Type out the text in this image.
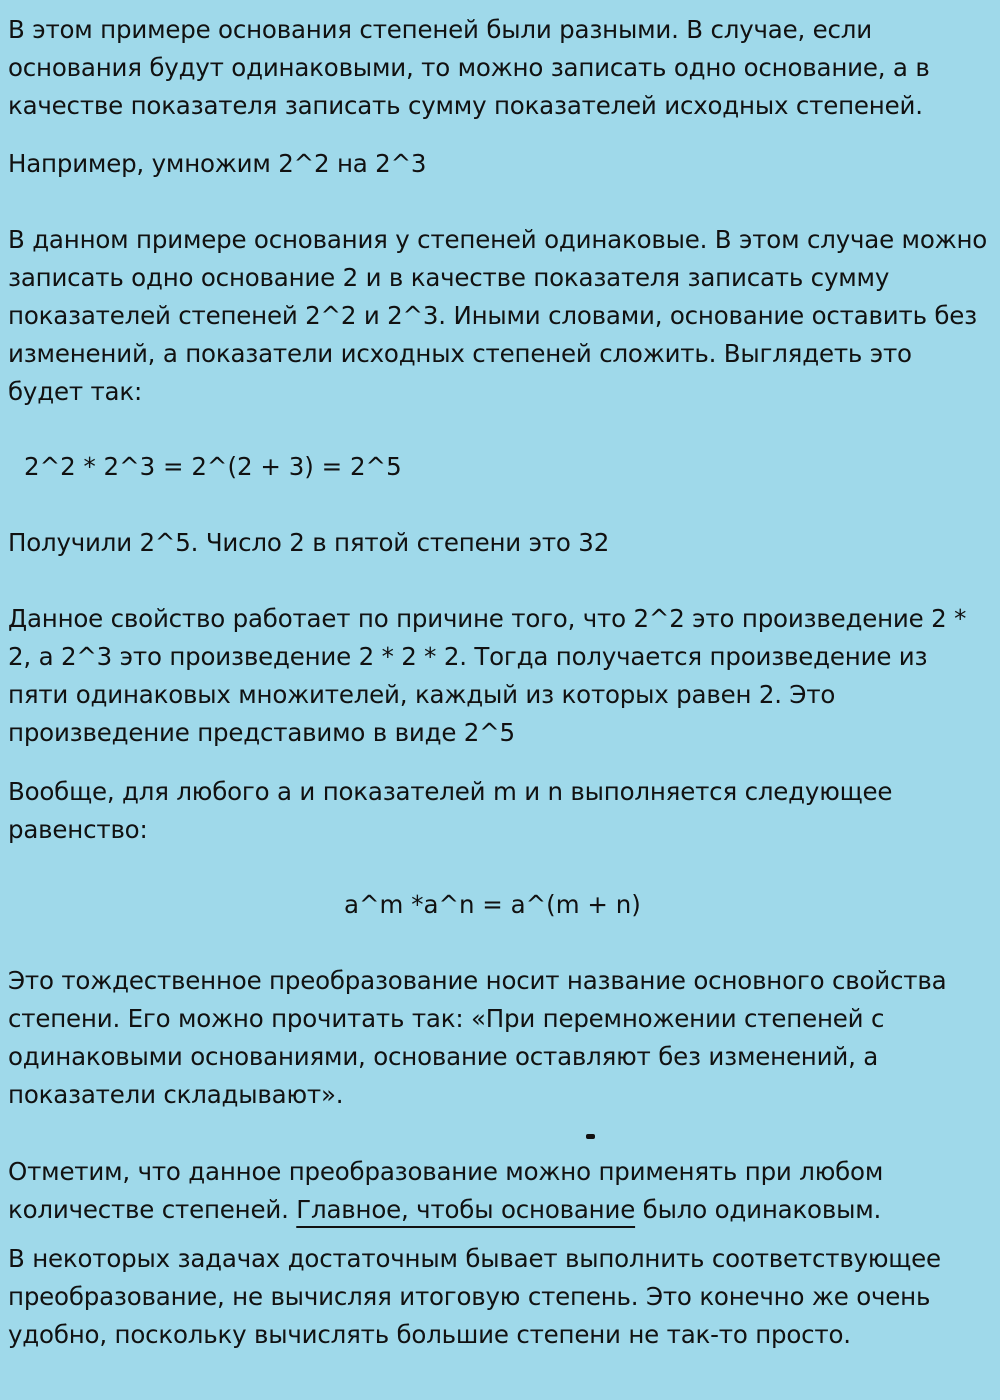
В этом примере основания степеней были разными. В случае, если основания будут одинаковыми, то можно записать одно основание, а в качестве показателя записать сумму показателей исходных степеней.

Например, умножим 2^2 на 2^3

В данном примере основания у степеней одинаковые. В этом случае можно записать одно основание 2 и в качестве показателя записать сумму показателей степеней 2^2 и 2^3. Иными словами, основание оставить без изменений, а показатели исходных степеней сложить. Выглядеть это будет так:

2^2 * 2^3 = 2^(2 + 3) = 2^5

Получили 2^5. Число 2 в пятой степени это 32

Данное свойство работает по причине того, что 2^2 это произведение 2 * 2, а 2^3 это произведение 2 * 2 * 2. Тогда получается произведение из пяти одинаковых множителей, каждый из которых равен 2. Это произведение представимо в виде 2^5

Вообще, для любого a и показателей m и n выполняется следующее равенство:

a^m *a^n = a^(m + n)

Это тождественное преобразование носит название основного свойства степени. Его можно прочитать так: «При перемножении степеней с одинаковыми основаниями, основание оставляют без изменений, а показатели складывают».

Отметим, что данное преобразование можно применять при любом количестве степеней. Главное, чтобы основание было одинаковым.

В некоторых задачах достаточным бывает выполнить соответствующее преобразование, не вычисляя итоговую степень. Это конечно же очень удобно, поскольку вычислять большие степени не так-то просто.
